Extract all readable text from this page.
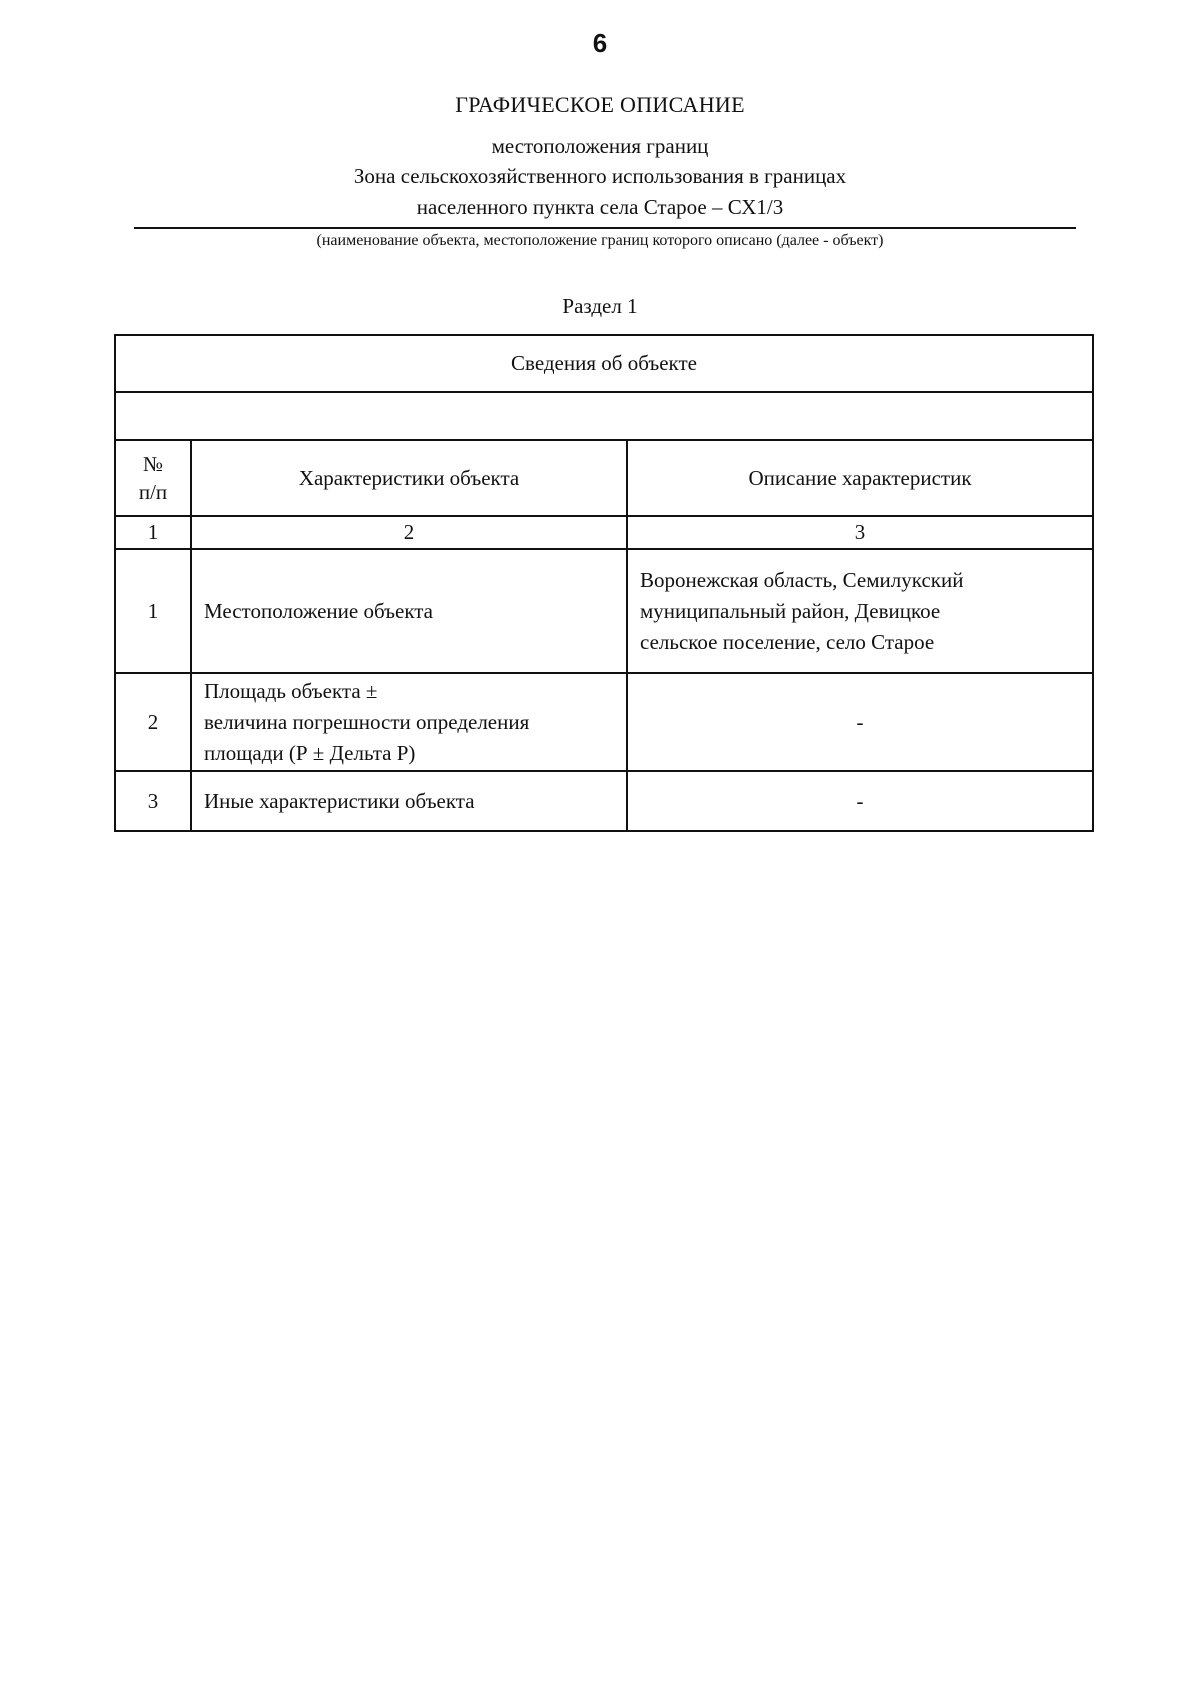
6
ГРАФИЧЕСКОЕ ОПИСАНИЕ
местоположения границ
Зона сельскохозяйственного использования в границах
населенного пункта села Старое – СХ1/3
(наименование объекта, местоположение границ которого описано (далее - объект)
Раздел 1
Сведения об объекте		

№
п/п	Характеристики объекта	Описание характеристик
1	2	3
1	Местоположение объекта	Воронежская область, Семилукский
муниципальный район, Девицкое
сельское поселение, село Старое

2	Площадь объекта ±
величина погрешности определения
площади (Р ± Дельта Р)	-

3	Иные характеристики объекта	-
